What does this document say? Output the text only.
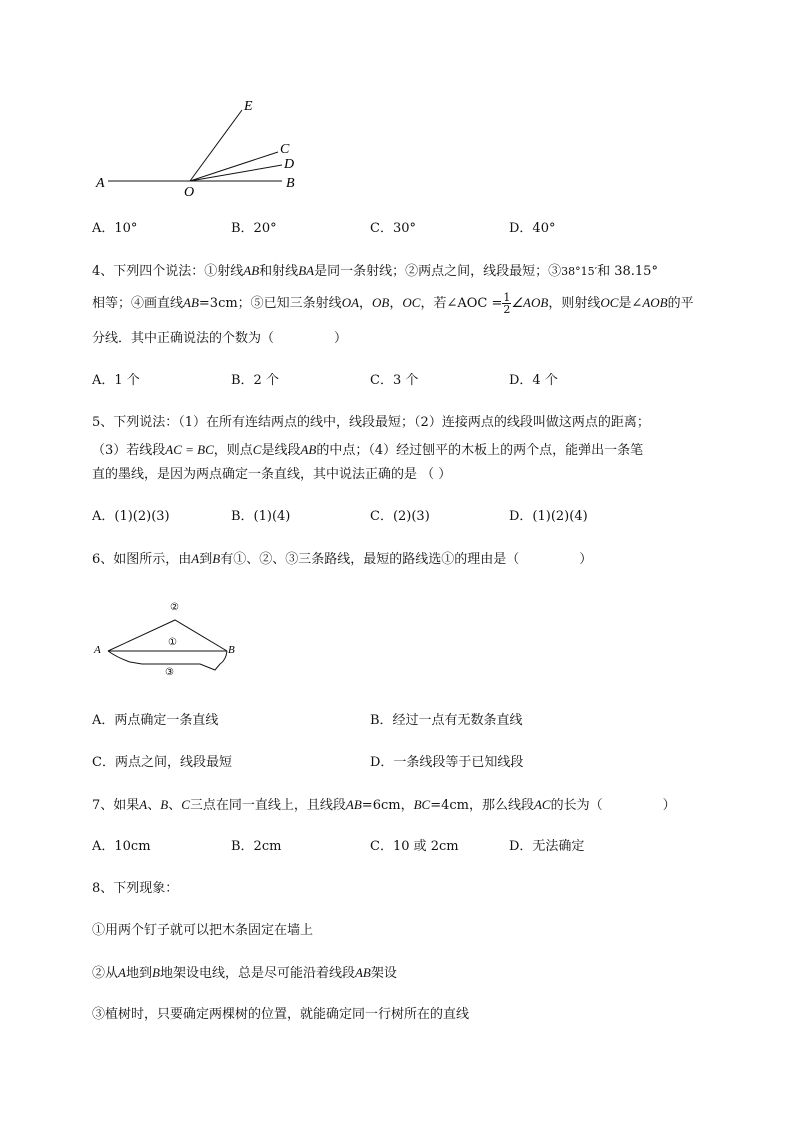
E
C
D
A
O
B
A．10°	B．20°	C．30°	D．40°
4、下列四个说法：①射线AB和射线BA是同一条射线；②两点之间，线段最短；③38°15′和 38.15°
相等；④画直线AB=3cm；⑤已知三条射线OA，OB，OC，若∠AOC = $\frac{1}{2}$ ∠AOB，则射线OC是∠AOB的平
分线．其中正确说法的个数为（	）
A．1 个	B．2 个	C．3 个	D．4 个
5、下列说法：（1）在所有连结两点的线中，线段最短；（2）连接两点的线段叫做这两点的距离；
（3）若线段AC = BC，则点C是线段AB的中点；（4）经过刨平的木板上的两个点，能弹出一条笔
直的墨线，是因为两点确定一条直线，其中说法正确的是 （ ）
A．(1)(2)(3)	B．(1)(4)	C．(2)(3)	D．(1)(2)(4)
6、如图所示，由A到B有①、②、③三条路线，最短的路线选①的理由是（	）
②
①
③
A	B
A．两点确定一条直线	B．经过一点有无数条直线
C．两点之间，线段最短	D．一条线段等于已知线段
7、如果A、B、C三点在同一直线上，且线段AB=6cm，BC=4cm，那么线段AC的长为（	）
A．10cm	B．2cm	C．10 或 2cm	D．无法确定
8、下列现象：
①用两个钉子就可以把木条固定在墙上
②从A地到B地架设电线，总是尽可能沿着线段AB架设
③植树时，只要确定两棵树的位置，就能确定同一行树所在的直线
